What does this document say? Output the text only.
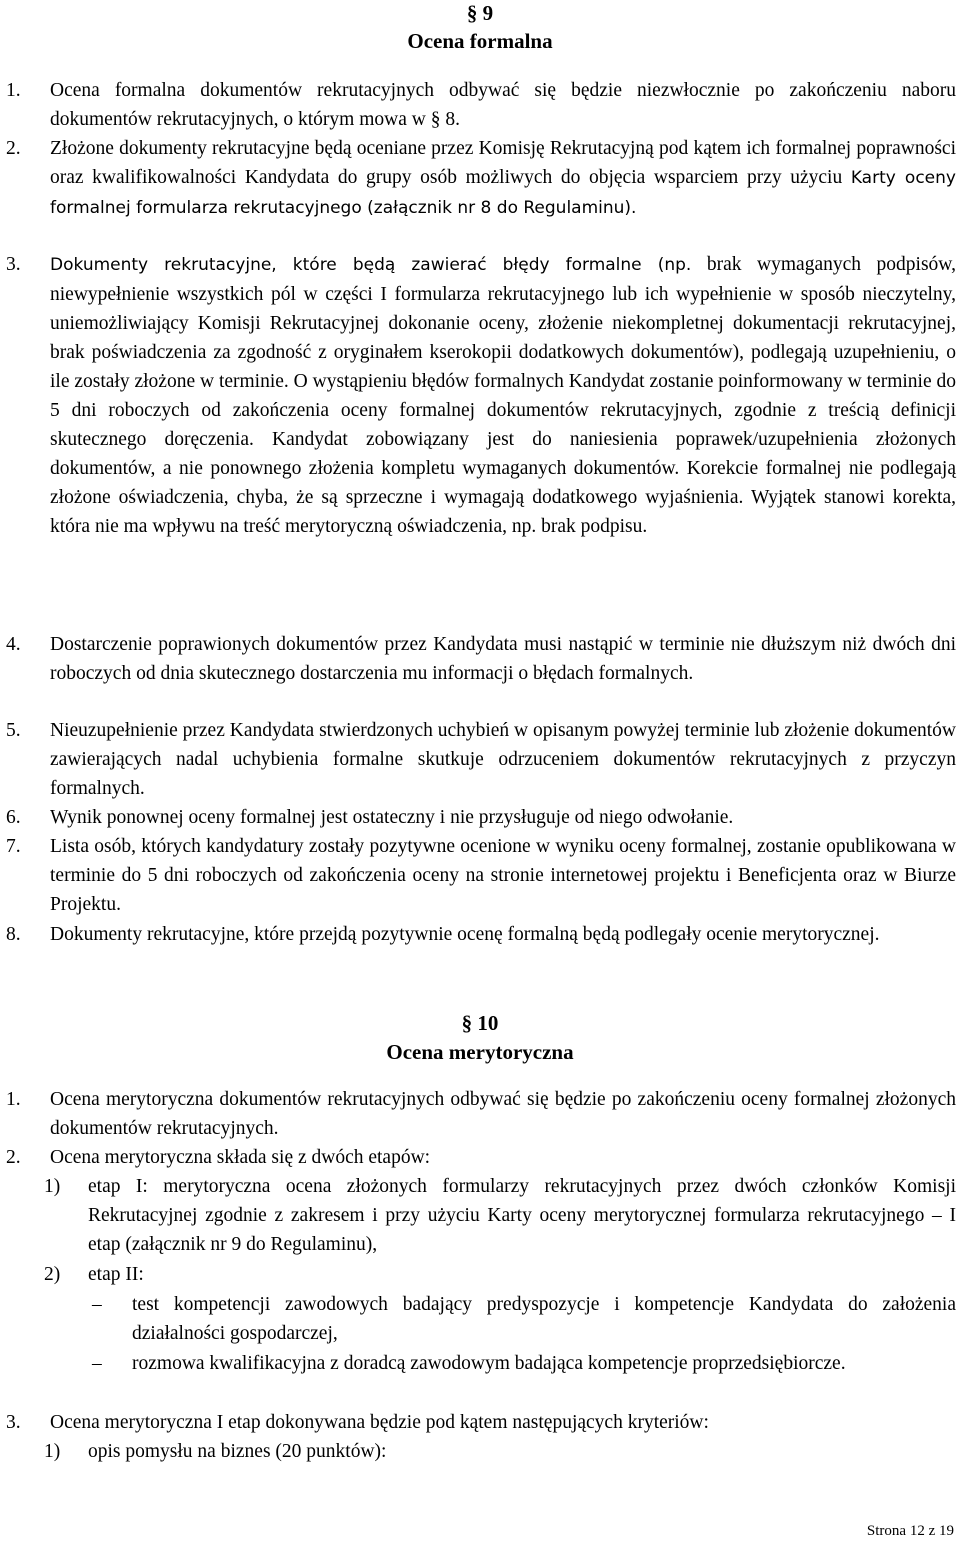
§ 9
Ocena formalna
1. Ocena formalna dokumentów rekrutacyjnych odbywać się będzie niezwłocznie po zakończeniu naboru dokumentów rekrutacyjnych, o którym mowa w § 8.
2. Złożone dokumenty rekrutacyjne będą oceniane przez Komisję Rekrutacyjną pod kątem ich formalnej poprawności oraz kwalifikowalności Kandydata do grupy osób możliwych do objęcia wsparciem przy użyciu Karty oceny formalnej formularza rekrutacyjnego (załącznik nr 8 do Regulaminu).
3. Dokumenty rekrutacyjne, które będą zawierać błędy formalne (np. brak wymaganych podpisów, niewypełnienie wszystkich pól w części I formularza rekrutacyjnego lub ich wypełnienie w sposób nieczytelny, uniemożliwiający Komisji Rekrutacyjnej dokonanie oceny, złożenie niekompletnej dokumentacji rekrutacyjnej, brak poświadczenia za zgodność z oryginałem kserokopii dodatkowych dokumentów), podlegają uzupełnieniu, o ile zostały złożone w terminie. O wystąpieniu błędów formalnych Kandydat zostanie poinformowany w terminie do 5 dni roboczych od zakończenia oceny formalnej dokumentów rekrutacyjnych, zgodnie z treścią definicji skutecznego doręczenia. Kandydat zobowiązany jest do naniesienia poprawek/uzupełnienia złożonych dokumentów, a nie ponownego złożenia kompletu wymaganych dokumentów. Korekcie formalnej nie podlegają złożone oświadczenia, chyba, że są sprzeczne i wymagają dodatkowego wyjaśnienia. Wyjątek stanowi korekta, która nie ma wpływu na treść merytoryczną oświadczenia, np. brak podpisu.
4. Dostarczenie poprawionych dokumentów przez Kandydata musi nastąpić w terminie nie dłuższym niż dwóch dni roboczych od dnia skutecznego dostarczenia mu informacji o błędach formalnych.
5. Nieuzupełnienie przez Kandydata stwierdzonych uchybień w opisanym powyżej terminie lub złożenie dokumentów zawierających nadal uchybienia formalne skutkuje odrzuceniem dokumentów rekrutacyjnych z przyczyn formalnych.
6. Wynik ponownej oceny formalnej jest ostateczny i nie przysługuje od niego odwołanie.
7. Lista osób, których kandydatury zostały pozytywne ocenione w wyniku oceny formalnej, zostanie opublikowana w terminie do 5 dni roboczych od zakończenia oceny na stronie internetowej projektu i Beneficjenta oraz w Biurze Projektu.
8. Dokumenty rekrutacyjne, które przejdą pozytywnie ocenę formalną będą podlegały ocenie merytorycznej.
§ 10
Ocena merytoryczna
1. Ocena merytoryczna dokumentów rekrutacyjnych odbywać się będzie po zakończeniu oceny formalnej złożonych dokumentów rekrutacyjnych.
2. Ocena merytoryczna składa się z dwóch etapów:
1) etap I: merytoryczna ocena złożonych formularzy rekrutacyjnych przez dwóch członków Komisji Rekrutacyjnej zgodnie z zakresem i przy użyciu Karty oceny merytorycznej formularza rekrutacyjnego – I etap (załącznik nr 9 do Regulaminu),
2) etap II:
– test kompetencji zawodowych badający predyspozycje i kompetencje Kandydata do założenia działalności gospodarczej,
– rozmowa kwalifikacyjna z doradcą zawodowym badająca kompetencje proprzedsiębiorcze.
3. Ocena merytoryczna I etap dokonywana będzie pod kątem następujących kryteriów:
1) opis pomysłu na biznes (20 punktów):
Strona 12 z 19
